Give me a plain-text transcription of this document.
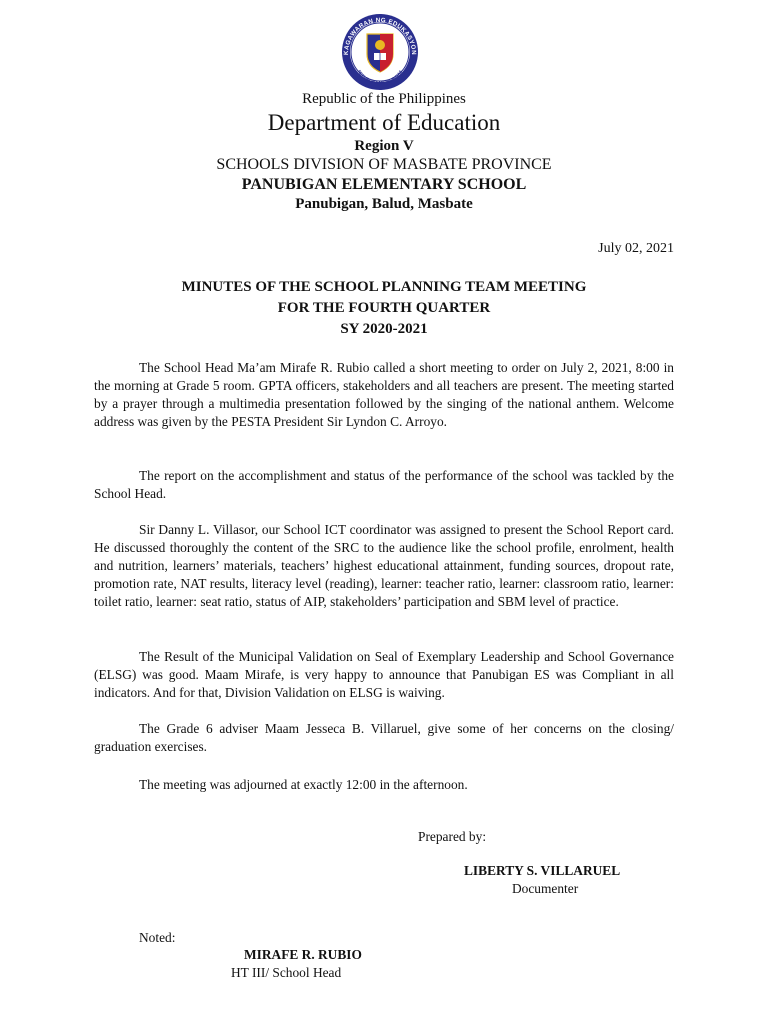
KAGAWARAN NG EDUKASYON
REPUBLIKA NG PILIPINAS
Republic of the Philippines
Department of Education
Region V
SCHOOLS DIVISION OF MASBATE PROVINCE
PANUBIGAN ELEMENTARY SCHOOL
Panubigan, Balud, Masbate
July 02, 2021
MINUTES OF THE SCHOOL PLANNING TEAM MEETING
FOR THE FOURTH QUARTER
SY 2020-2021

The School Head Ma’am Mirafe R. Rubio called a short meeting to order on July 2, 2021, 8:00 in the morning at Grade 5 room. GPTA officers, stakeholders and all teachers are present. The meeting started by a prayer through a multimedia presentation followed by the singing of the national anthem. Welcome address was given by the PESTA President Sir Lyndon C. Arroyo.

The report on the accomplishment and status of the performance of the school was tackled by the School Head.

Sir Danny L. Villasor, our School ICT coordinator was assigned to present the School Report card. He discussed thoroughly the content of the SRC to the audience like the school profile, enrolment, health and nutrition, learners’ materials, teachers’ highest educational attainment, funding sources, dropout rate, promotion rate, NAT results, literacy level (reading), learner: teacher ratio, learner: classroom ratio, learner: toilet ratio, learner: seat ratio, status of AIP, stakeholders’ participation and SBM level of practice.

The Result of the Municipal Validation on Seal of Exemplary Leadership and School Governance (ELSG) was good. Maam Mirafe, is very happy to announce that Panubigan ES was Compliant in all indicators. And for that, Division Validation on ELSG is waiving.

The Grade 6 adviser Maam Jesseca B. Villaruel, give some of her concerns on the closing/ graduation exercises.

The meeting was adjourned at exactly 12:00 in the afternoon.

Prepared by:
LIBERTY S. VILLARUEL
Documenter
Noted:
MIRAFE R. RUBIO
HT III/ School Head
